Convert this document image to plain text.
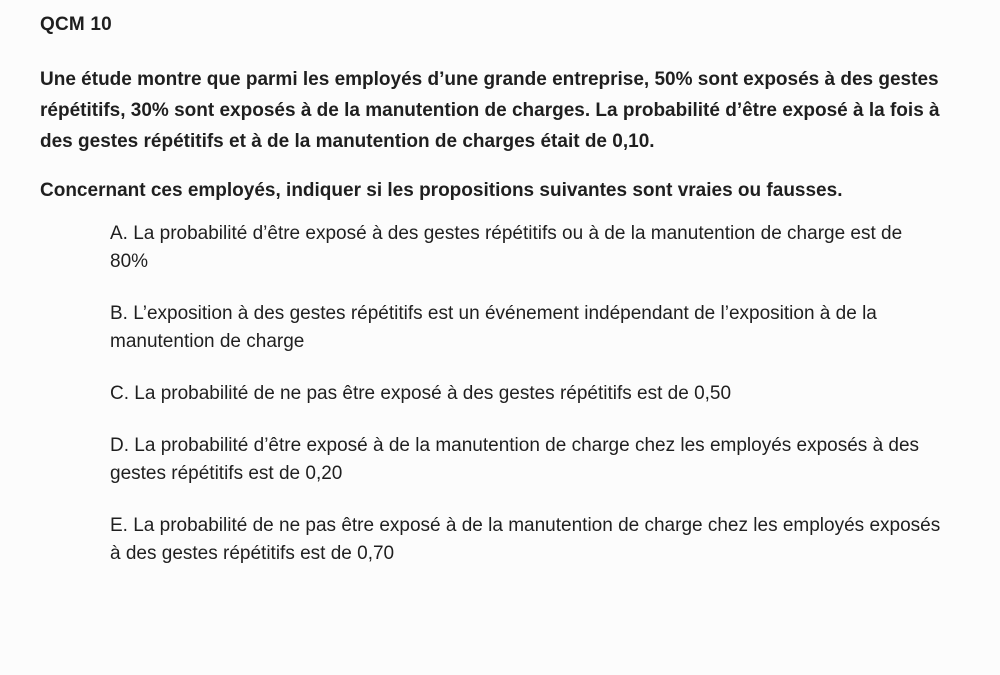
QCM 10

Une étude montre que parmi les employés d’une grande entreprise, 50% sont exposés à des gestes répétitifs, 30% sont exposés à de la manutention de charges. La probabilité d’être exposé à la fois à des gestes répétitifs et à de la manutention de charges était de 0,10.

Concernant ces employés, indiquer si les propositions suivantes sont vraies ou fausses.

A. La probabilité d’être exposé à des gestes répétitifs ou à de la manutention de charge est de 80%

B. L’exposition à des gestes répétitifs est un événement indépendant de l’exposition à de la manutention de charge

C. La probabilité de ne pas être exposé à des gestes répétitifs est de 0,50

D. La probabilité d’être exposé à de la manutention de charge chez les employés exposés à des gestes répétitifs est de 0,20

E. La probabilité de ne pas être exposé à de la manutention de charge chez les employés exposés à des gestes répétitifs est de 0,70
